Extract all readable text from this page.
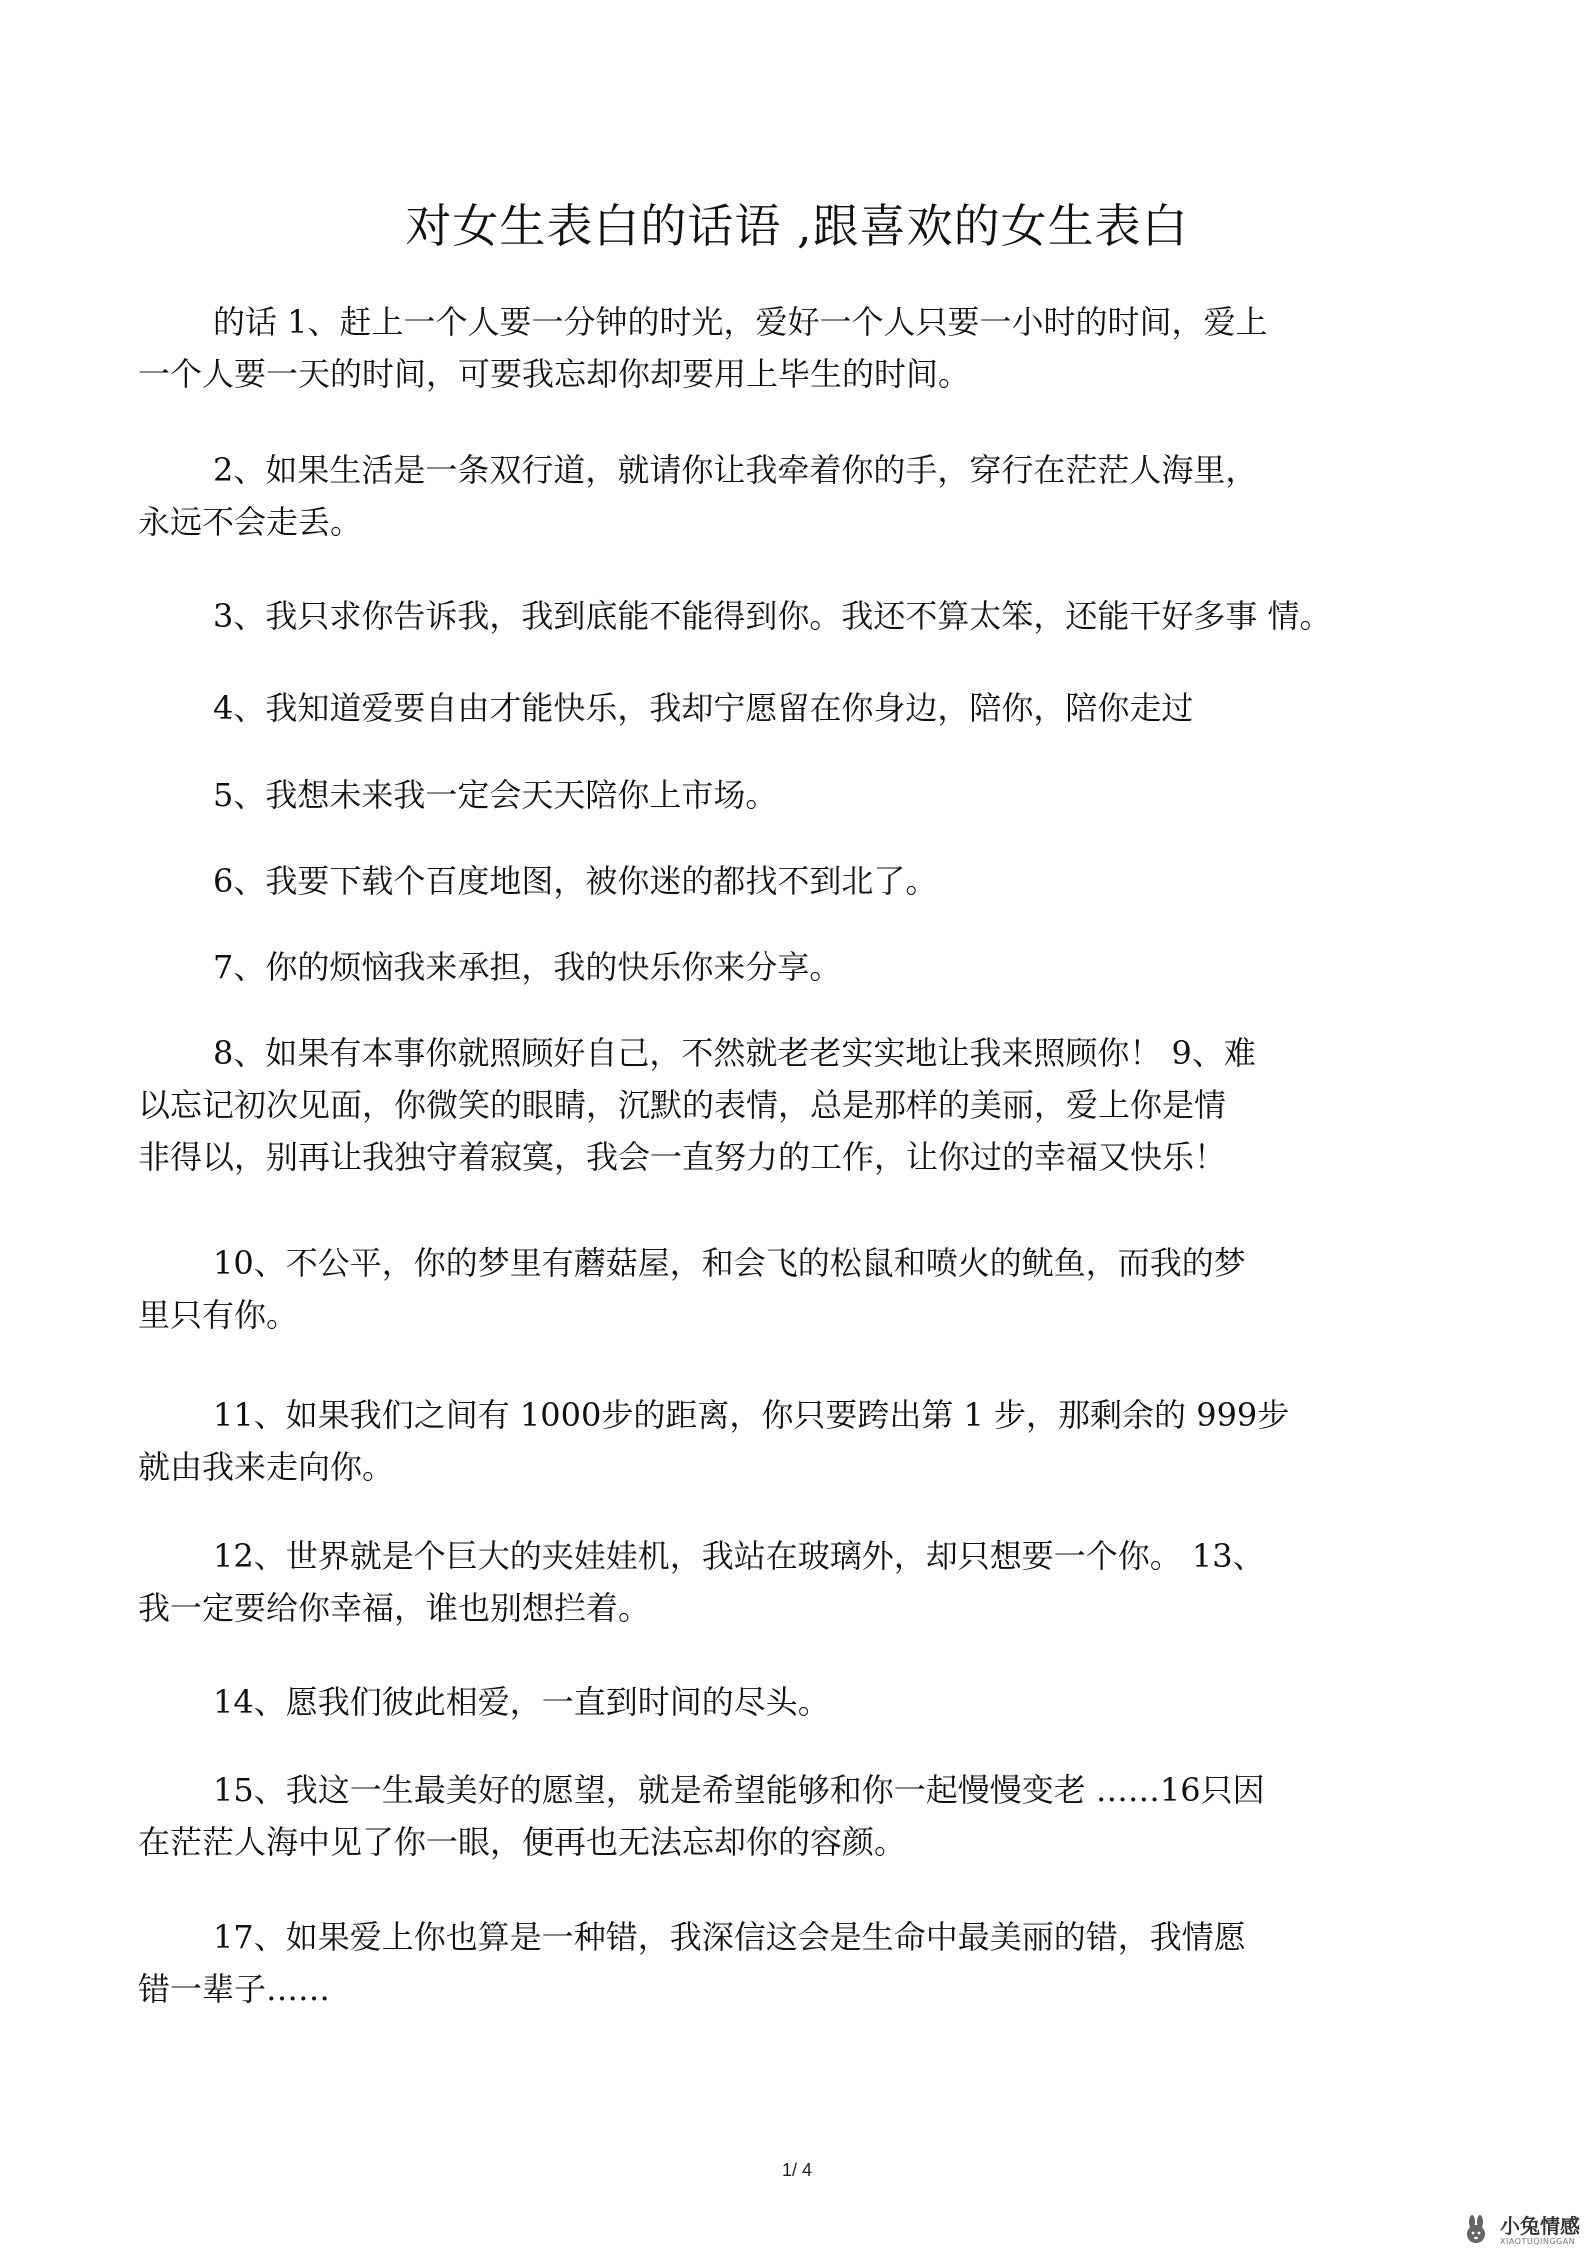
对女生表白的话语 ,跟喜欢的女生表白
的话 1、赶上一个人要一分钟的时光，爱好一个人只要一小时的时间，爱上
一个人要一天的时间，可要我忘却你却要用上毕生的时间。
2、如果生活是一条双行道，就请你让我牵着你的手，穿行在茫茫人海里，
永远不会走丢。
3、我只求你告诉我，我到底能不能得到你。我还不算太笨，还能干好多事 情。
4、我知道爱要自由才能快乐，我却宁愿留在你身边，陪你，陪你走过
5、我想未来我一定会天天陪你上市场。
6、我要下载个百度地图，被你迷的都找不到北了。
7、你的烦恼我来承担，我的快乐你来分享。
8、如果有本事你就照顾好自己，不然就老老实实地让我来照顾你！ 9、难
以忘记初次见面，你微笑的眼睛，沉默的表情，总是那样的美丽，爱上你是情
非得以，别再让我独守着寂寞，我会一直努力的工作，让你过的幸福又快乐！
10、不公平，你的梦里有蘑菇屋，和会飞的松鼠和喷火的鱿鱼，而我的梦
里只有你。
11、如果我们之间有 1000步的距离，你只要跨出第 1 步，那剩余的 999步
就由我来走向你。
12、世界就是个巨大的夹娃娃机，我站在玻璃外，却只想要一个你。 13、
我一定要给你幸福，谁也别想拦着。
14、愿我们彼此相爱，一直到时间的尽头。
15、我这一生最美好的愿望，就是希望能够和你一起慢慢变老 ……16只因
在茫茫人海中见了你一眼，便再也无法忘却你的容颜。
17、如果爱上你也算是一种错，我深信这会是生命中最美丽的错，我情愿
错一辈子……
1/ 4
小兔情感
XIAOTUQINGGAN
